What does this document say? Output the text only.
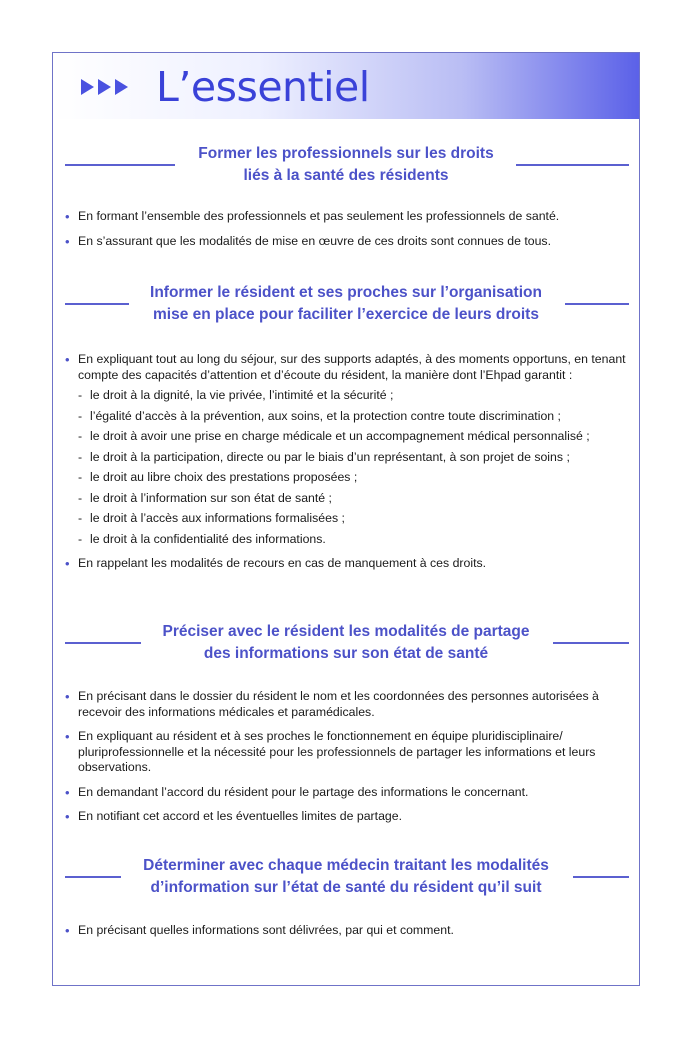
L’essentiel
Former les professionnels sur les droits
liés à la santé des résidents
• En formant l’ensemble des professionnels et pas seulement les professionnels de santé.
• En s’assurant que les modalités de mise en œuvre de ces droits sont connues de tous.
Informer le résident et ses proches sur l’organisation
mise en place pour faciliter l’exercice de leurs droits
• En expliquant tout au long du séjour, sur des supports adaptés, à des moments opportuns, en tenant compte des capacités d’attention et d’écoute du résident, la manière dont l’Ehpad garantit :
- le droit à la dignité, la vie privée, l’intimité et la sécurité ;
- l’égalité d’accès à la prévention, aux soins, et la protection contre toute discrimination ;
- le droit à avoir une prise en charge médicale et un accompagnement médical personnalisé ;
- le droit à la participation, directe ou par le biais d’un représentant, à son projet de soins ;
- le droit au libre choix des prestations proposées ;
- le droit à l’information sur son état de santé ;
- le droit à l’accès aux informations formalisées ;
- le droit à la confidentialité des informations.
• En rappelant les modalités de recours en cas de manquement à ces droits.
Préciser avec le résident les modalités de partage
des informations sur son état de santé
• En précisant dans le dossier du résident le nom et les coordonnées des personnes autorisées à recevoir des informations médicales et paramédicales.
• En expliquant au résident et à ses proches le fonctionnement en équipe pluridisciplinaire/ pluriprofessionnelle et la nécessité pour les professionnels de partager les informations et leurs observations.
• En demandant l’accord du résident pour le partage des informations le concernant.
• En notifiant cet accord et les éventuelles limites de partage.
Déterminer avec chaque médecin traitant les modalités
d’information sur l’état de santé du résident qu’il suit
• En précisant quelles informations sont délivrées, par qui et comment.
